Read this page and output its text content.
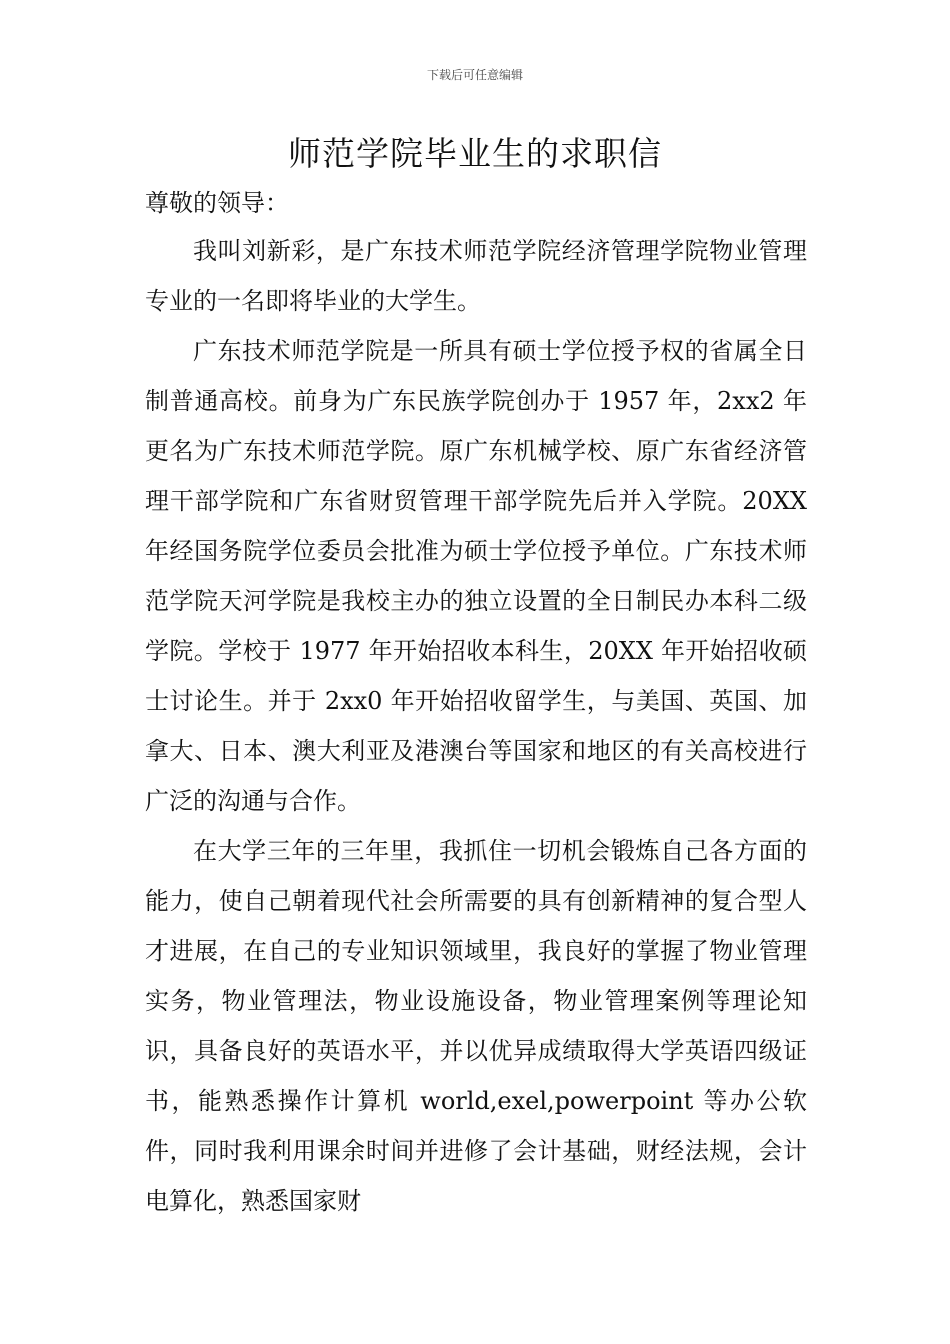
下载后可任意编辑
师范学院毕业生的求职信

尊敬的领导：

我叫刘新彩，是广东技术师范学院经济管理学院物业管理专业的一名即将毕业的大学生。

广东技术师范学院是一所具有硕士学位授予权的省属全日制普通高校。前身为广东民族学院创办于 1957 年，2xx2 年更名为广东技术师范学院。原广东机械学校、原广东省经济管理干部学院和广东省财贸管理干部学院先后并入学院。20XX 年经国务院学位委员会批准为硕士学位授予单位。广东技术师范学院天河学院是我校主办的独立设置的全日制民办本科二级学院。学校于 1977 年开始招收本科生，20XX 年开始招收硕士讨论生。并于 2xx0 年开始招收留学生，与美国、英国、加拿大、日本、澳大利亚及港澳台等国家和地区的有关高校进行广泛的沟通与合作。

在大学三年的三年里，我抓住一切机会锻炼自己各方面的能力，使自己朝着现代社会所需要的具有创新精神的复合型人才进展，在自己的专业知识领域里，我良好的掌握了物业管理实务，物业管理法，物业设施设备，物业管理案例等理论知识，具备良好的英语水平，并以优异成绩取得大学英语四级证书，能熟悉操作计算机 world,exel,powerpoint 等办公软件，同时我利用课余时间并进修了会计基础，财经法规，会计电算化，熟悉国家财
